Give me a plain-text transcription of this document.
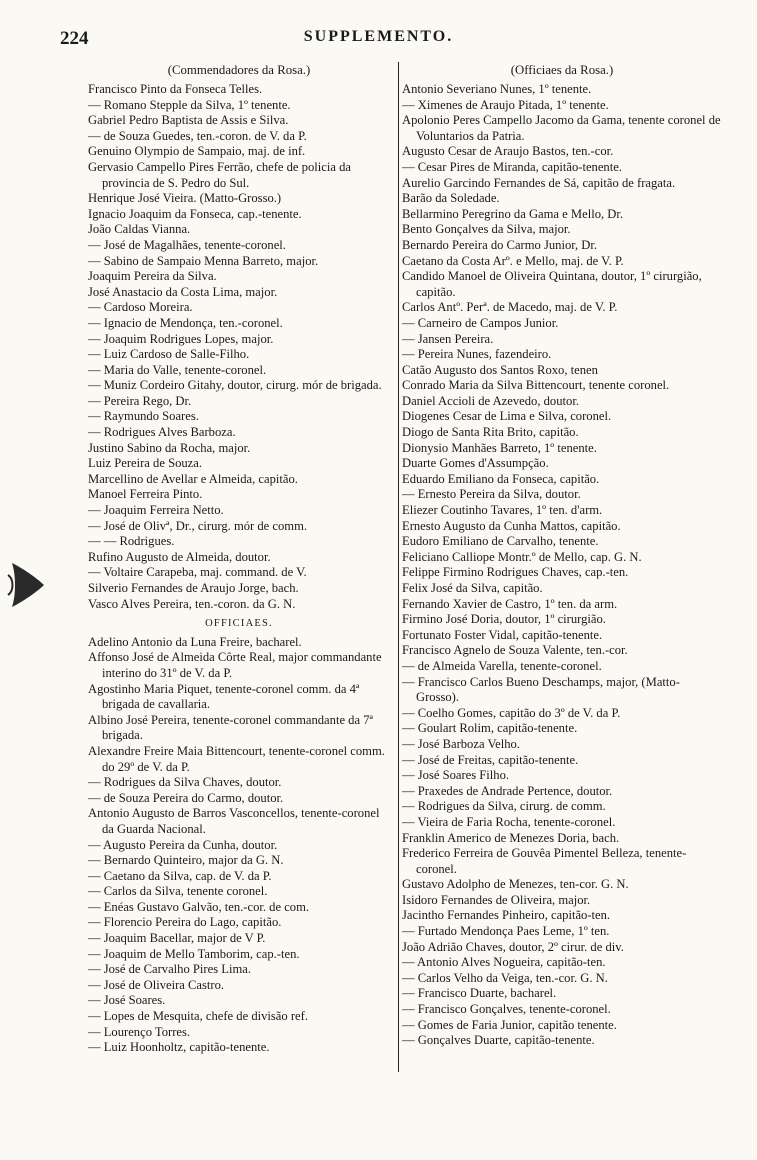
224	SUPPLEMENTO.
(Commendadores da Rosa.)
Francisco Pinto da Fonseca Telles.
— Romano Stepple da Silva, 1º tenente.
Gabriel Pedro Baptista de Assis e Silva.
— de Souza Guedes, ten.-coron. de V. da P.
Genuino Olympio de Sampaio, maj. de inf.
Gervasio Campello Pires Ferrão, chefe de policia da provincia de S. Pedro do Sul.
Henrique José Vieira. (Matto-Grosso.)
Ignacio Joaquim da Fonseca, cap.-tenente.
João Caldas Vianna.
— José de Magalhães, tenente-coronel.
— Sabino de Sampaio Menna Barreto, major.
Joaquim Pereira da Silva.
José Anastacio da Costa Lima, major.
— Cardoso Moreira.
— Ignacio de Mendonça, ten.-coronel.
— Joaquim Rodrigues Lopes, major.
— Luiz Cardoso de Salle-Filho.
— Maria do Valle, tenente-coronel.
— Muniz Cordeiro Gitahy, doutor, cirurg. mór de brigada.
— Pereira Rego, Dr.
— Raymundo Soares.
— Rodrigues Alves Barboza.
Justino Sabino da Rocha, major.
Luiz Pereira de Souza.
Marcellino de Avellar e Almeida, capitão.
Manoel Ferreira Pinto.
— Joaquim Ferreira Netto.
— José de Olivª, Dr., cirurg. mór de comm.
— — Rodrigues.
Rufino Augusto de Almeida, doutor.
— Voltaire Carapeba, maj. command. de V.
Silverio Fernandes de Araujo Jorge, bach.
Vasco Alves Pereira, ten.-coron. da G. N.
OFFICIAES.
Adelino Antonio da Luna Freire, bacharel.
Affonso José de Almeida Côrte Real, major commandante interino do 31º de V. da P.
Agostinho Maria Piquet, tenente-coronel comm. da 4ª brigada de cavallaria.
Albino José Pereira, tenente-coronel commandante da 7ª brigada.
Alexandre Freire Maia Bittencourt, tenente-coronel comm. do 29º de V. da P.
— Rodrigues da Silva Chaves, doutor.
— de Souza Pereira do Carmo, doutor.
Antonio Augusto de Barros Vasconcellos, tenente-coronel da Guarda Nacional.
— Augusto Pereira da Cunha, doutor.
— Bernardo Quinteiro, major da G. N.
— Caetano da Silva, cap. de V. da P.
— Carlos da Silva, tenente coronel.
— Enéas Gustavo Galvão, ten.-cor. de com.
— Florencio Pereira do Lago, capitão.
— Joaquim Bacellar, major de V P.
— Joaquim de Mello Tamborim, cap.-ten.
— José de Carvalho Pires Lima.
— José de Oliveira Castro.
— José Soares.
— Lopes de Mesquita, chefe de divisão ref.
— Lourenço Torres.
— Luiz Hoonholtz, capitão-tenente.
(Officiaes da Rosa.)
Antonio Severiano Nunes, 1º tenente.
— Ximenes de Araujo Pitada, 1º tenente.
Apolonio Peres Campello Jacomo da Gama, tenente coronel de Voluntarios da Patria.
Augusto Cesar de Araujo Bastos, ten.-cor.
— Cesar Pires de Miranda, capitão-tenente.
Aurelio Garcindo Fernandes de Sá, capitão de fragata.
Barão da Soledade.
Bellarmino Peregrino da Gama e Mello, Dr.
Bento Gonçalves da Silva, major.
Bernardo Pereira do Carmo Junior, Dr.
Caetano da Costa Arº. e Mello, maj. de V. P.
Candido Manoel de Oliveira Quintana, doutor, 1º cirurgião, capitão.
Carlos Antº. Perª. de Macedo, maj. de V. P.
— Carneiro de Campos Junior.
— Jansen Pereira.
— Pereira Nunes, fazendeiro.
Catão Augusto dos Santos Roxo, tenen
Conrado Maria da Silva Bittencourt, tenente coronel.
Daniel Accioli de Azevedo, doutor.
Diogenes Cesar de Lima e Silva, coronel.
Diogo de Santa Rita Brito, capitão.
Dionysio Manhães Barreto, 1º tenente.
Duarte Gomes d'Assumpção.
Eduardo Emiliano da Fonseca, capitão.
— Ernesto Pereira da Silva, doutor.
Eliezer Coutinho Tavares, 1º ten. d'arm.
Ernesto Augusto da Cunha Mattos, capitão.
Eudoro Emiliano de Carvalho, tenente.
Feliciano Calliope Montr.º de Mello, cap. G. N.
Felippe Firmino Rodrigues Chaves, cap.-ten.
Felix José da Silva, capitão.
Fernando Xavier de Castro, 1º ten. da arm.
Firmino José Doria, doutor, 1º cirurgião.
Fortunato Foster Vidal, capitão-tenente.
Francisco Agnelo de Souza Valente, ten.-cor.
— de Almeida Varella, tenente-coronel.
— Francisco Carlos Bueno Deschamps, major, (Matto-Grosso).
— Coelho Gomes, capitão do 3º de V. da P.
— Goulart Rolim, capitão-tenente.
— José Barboza Velho.
— José de Freitas, capitão-tenente.
— José Soares Filho.
— Praxedes de Andrade Pertence, doutor.
— Rodrigues da Silva, cirurg. de comm.
— Vieira de Faria Rocha, tenente-coronel.
Franklin Americo de Menezes Doria, bach.
Frederico Ferreira de Gouvêa Pimentel Belleza, tenente-coronel.
Gustavo Adolpho de Menezes, ten-cor. G. N.
Isidoro Fernandes de Oliveira, major.
Jacintho Fernandes Pinheiro, capitão-ten.
— Furtado Mendonça Paes Leme, 1º ten.
João Adrião Chaves, doutor, 2º cirur. de div.
— Antonio Alves Nogueira, capitão-ten.
— Carlos Velho da Veiga, ten.-cor. G. N.
— Francisco Duarte, bacharel.
— Francisco Gonçalves, tenente-coronel.
— Gomes de Faria Junior, capitão tenente.
— Gonçalves Duarte, capitão-tenente.
